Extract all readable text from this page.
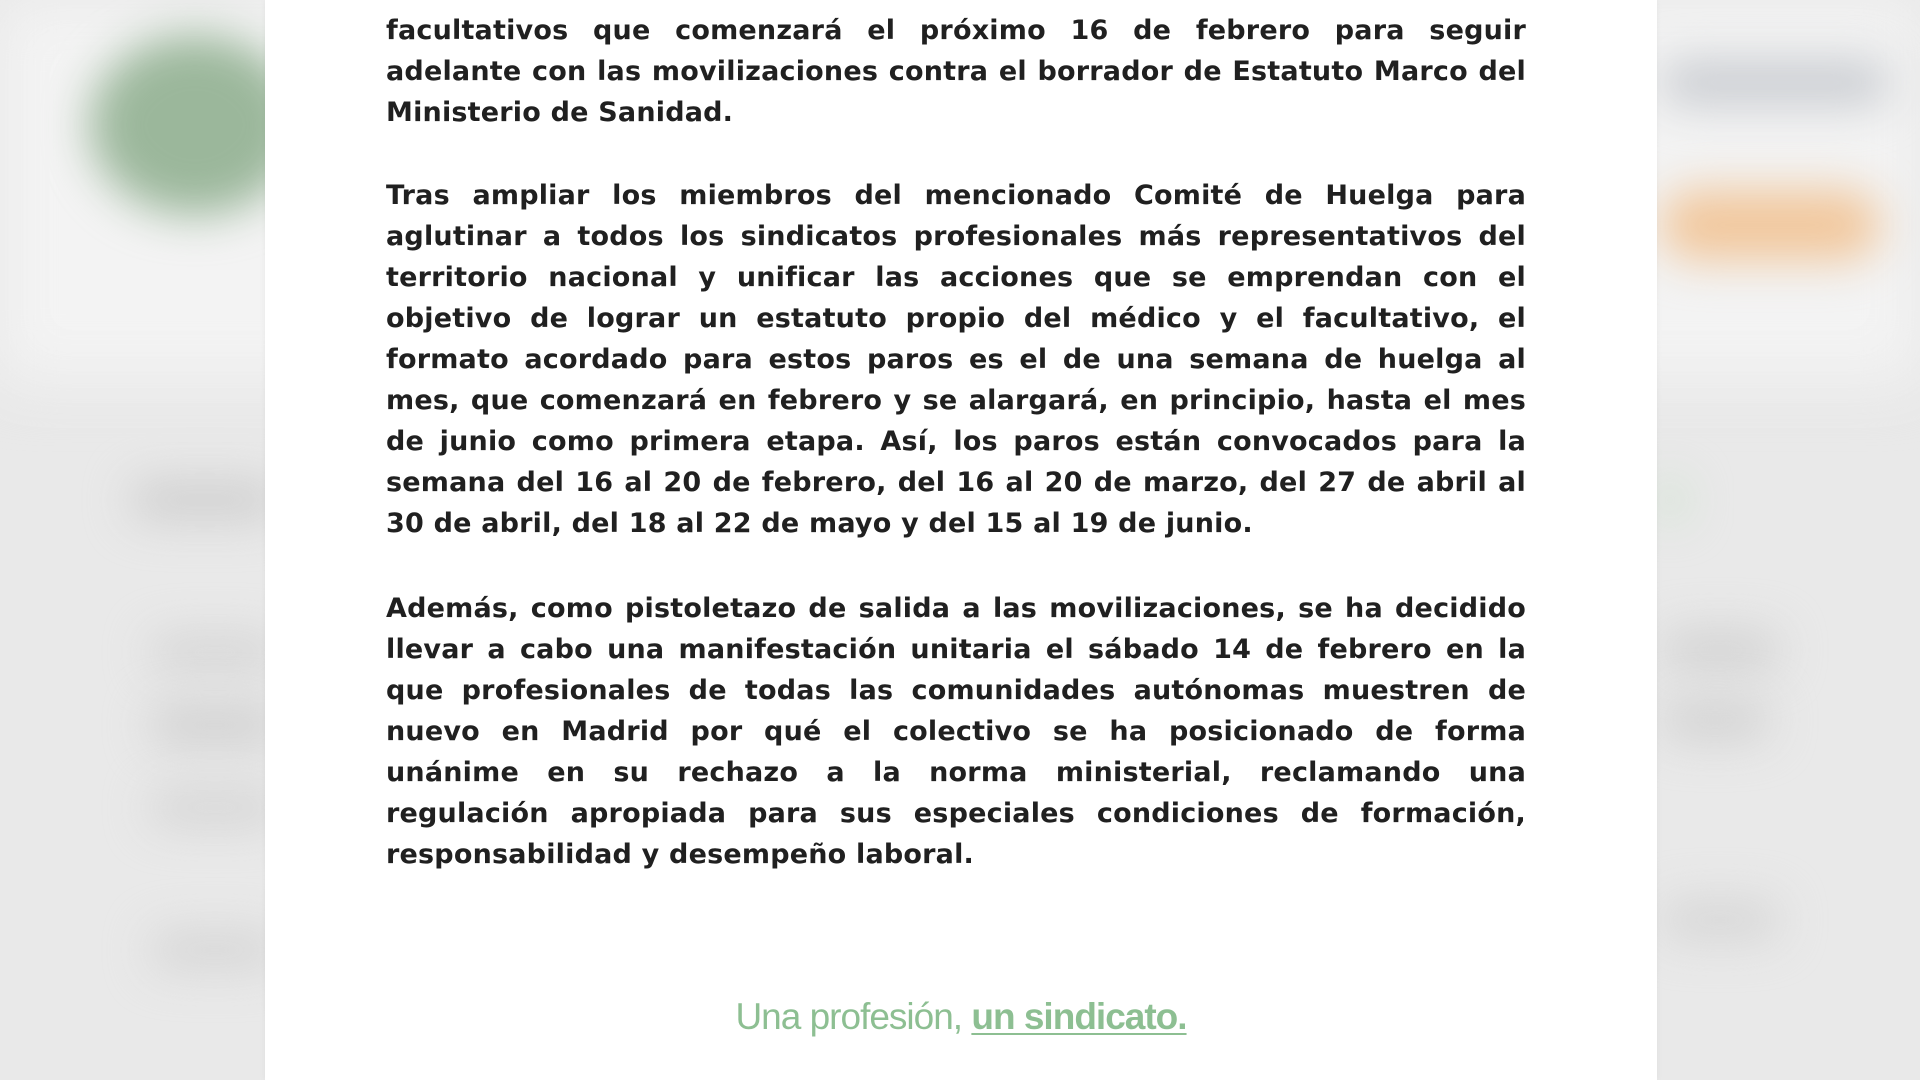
facultativos que comenzará el próximo 16 de febrero para seguir adelante con las movilizaciones contra el borrador de Estatuto Marco del Ministerio de Sanidad.

Tras ampliar los miembros del mencionado Comité de Huelga para aglutinar a todos los sindicatos profesionales más representativos del territorio nacional y unificar las acciones que se emprendan con el objetivo de lograr un estatuto propio del médico y el facultativo, el formato acordado para estos paros es el de una semana de huelga al mes, que comenzará en febrero y se alargará, en principio, hasta el mes de junio como primera etapa. Así, los paros están convocados para la semana del 16 al 20 de febrero, del 16 al 20 de marzo, del 27 de abril al 30 de abril, del 18 al 22 de mayo y del 15 al 19 de junio.

Además, como pistoletazo de salida a las movilizaciones, se ha decidido llevar a cabo una manifestación unitaria el sábado 14 de febrero en la que profesionales de todas las comunidades autónomas muestren de nuevo en Madrid por qué el colectivo se ha posicionado de forma unánime en su rechazo a la norma ministerial, reclamando una regulación apropiada para sus especiales condiciones de formación, responsabilidad y desempeño laboral.

Una profesión, un sindicato.
